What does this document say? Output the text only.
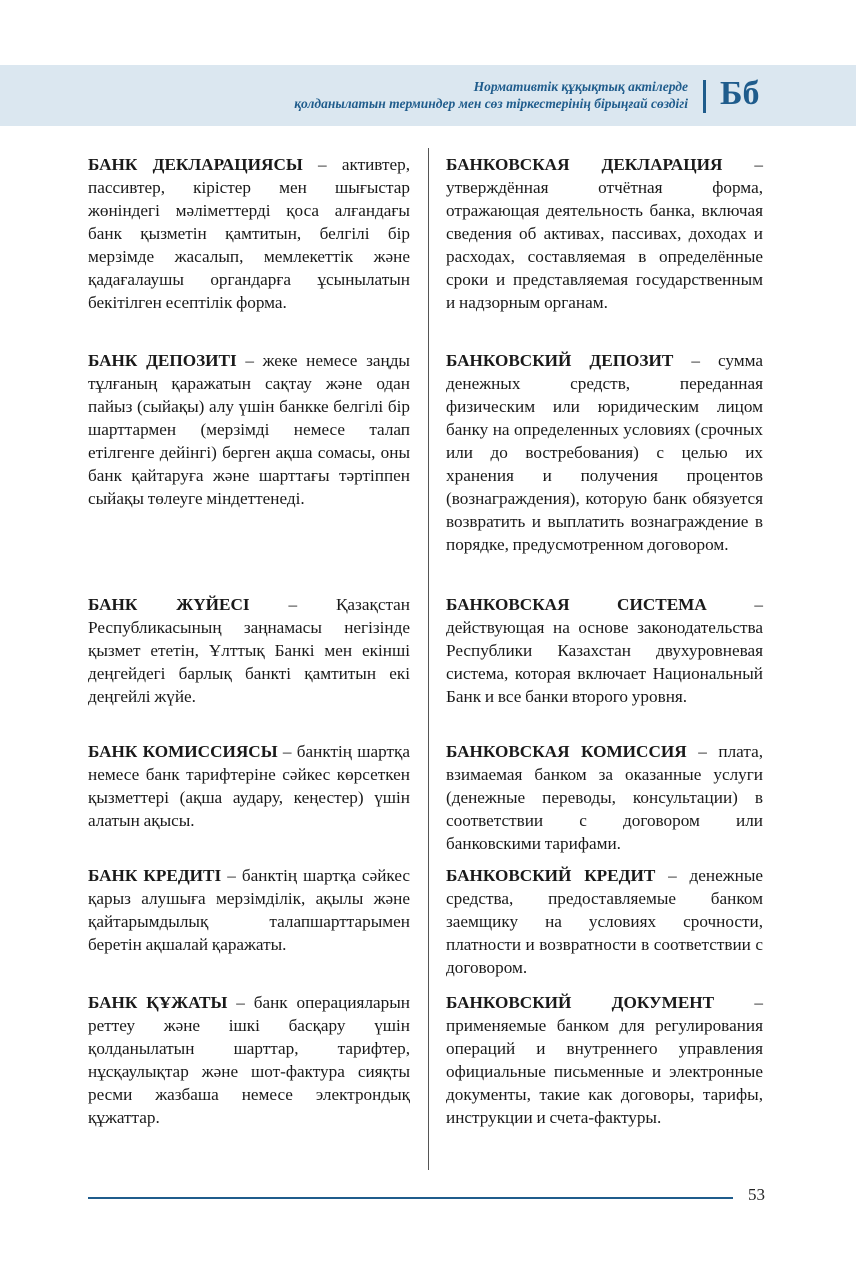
Нормативтік құқықтық актілерде
қолданылатын терминдер мен сөз тіркестерінің бірыңғай сөздігі Бб
БАНК ДЕКЛАРАЦИЯСЫ – активтер, пассивтер, кірістер мен шығыстар жөніндегі мәліметтерді қоса алғандағы банк қызметін қамтитын, белгілі бір мерзімде жасалып, мемлекеттік және қадағалаушы органдарға ұсынылатын бекітілген есептілік форма.
БАНКОВСКАЯ ДЕКЛАРАЦИЯ – утверждённая отчётная форма, отражающая деятельность банка, включая сведения об активах, пассивах, доходах и расходах, составляемая в определённые сроки и представляемая государственным и надзорным органам.
БАНК ДЕПОЗИТІ – жеке немесе заңды тұлғаның қаражатын сақтау және одан пайыз (сыйақы) алу үшін банкке белгілі бір шарттармен (мерзімді немесе талап етілгенге дейінгі) берген ақша сомасы, оны банк қайтаруға және шарттағы тәртіппен сыйақы төлеуге міндеттенеді.
БАНКОВСКИЙ ДЕПОЗИТ – сумма денежных средств, переданная физическим или юридическим лицом банку на определенных условиях (срочных или до востребования) с целью их хранения и получения процентов (вознаграждения), которую банк обязуется возвратить и выплатить вознаграждение в порядке, предусмотренном договором.
БАНК ЖҮЙЕСІ – Қазақстан Республикасының заңнамасы негізінде қызмет ететін, Ұлттық Банкі мен екінші деңгейдегі барлық банкті қамтитын екі деңгейлі жүйе.
БАНКОВСКАЯ СИСТЕМА – действующая на основе законодательства Республики Казахстан двухуровневая система, которая включает Национальный Банк и все банки второго уровня.
БАНК КОМИССИЯСЫ – банктің шартқа немесе банк тарифтеріне сәйкес көрсеткен қызметтері (ақша аудару, кеңестер) үшін алатын ақысы.
БАНКОВСКАЯ КОМИССИЯ – плата, взимаемая банком за оказанные услуги (денежные переводы, консультации) в соответствии с договором или банковскими тарифами.
БАНК КРЕДИТІ – банктің шартқа сәйкес қарыз алушыға мерзімділік, ақылы және қайтарымдылық талапшарттарымен беретін ақшалай қаражаты.
БАНКОВСКИЙ КРЕДИТ – денежные средства, предоставляемые банком заемщику на условиях срочности, платности и возвратности в соответствии с договором.
БАНК ҚҰЖАТЫ – банк операцияларын реттеу және ішкі басқару үшін қолданылатын шарттар, тарифтер, нұсқаулықтар және шот-фактура сияқты ресми жазбаша немесе электрондық құжаттар.
БАНКОВСКИЙ ДОКУМЕНТ – применяемые банком для регулирования операций и внутреннего управления официальные письменные и электронные документы, такие как договоры, тарифы, инструкции и счета-фактуры.
53
